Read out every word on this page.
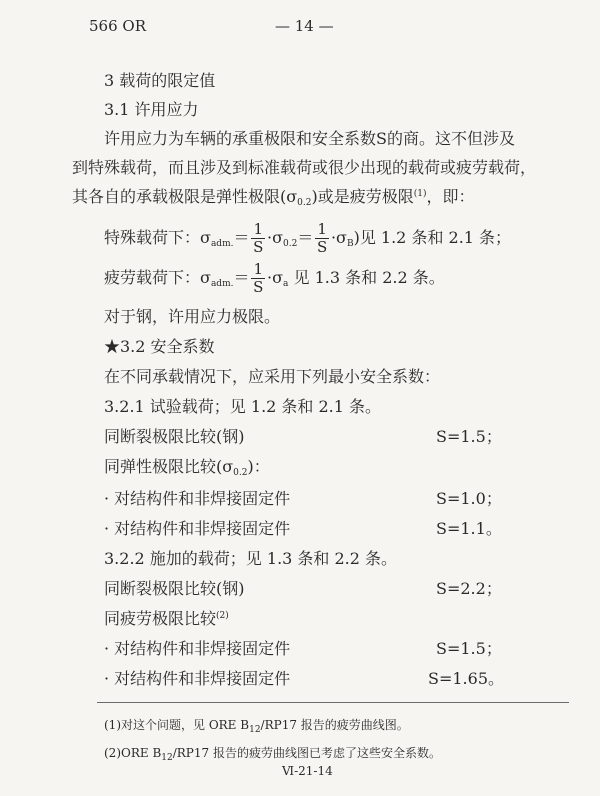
566 OR	— 14 —
3 载荷的限定值
3.1 许用应力
许用应力为车辆的承重极限和安全系数S的商。这不但涉及
到特殊载荷，而且涉及到标准载荷或很少出现的载荷或疲劳载荷，
其各自的承载极限是弹性极限$(\sigma_{0.2})$或是疲劳极限$^{(1)}$，即：
特殊载荷下：$\sigma_{adm.}= \frac{1}{S} \cdot\sigma_{0.2}= \frac{1}{S} \cdot\sigma_B$)见 1.2 条和 2.1 条；
疲劳载荷下：$\sigma_{adm.}= \frac{1}{S} \cdot\sigma_a$ 见 1.3 条和 2.2 条。
对于钢，许用应力极限。
★3.2 安全系数
在不同承载情况下，应采用下列最小安全系数：
3.2.1 试验载荷；见 1.2 条和 2.1 条。
同断裂极限比较(钢)	S=1.5；
同弹性极限比较$(\sigma_{0.2})$：
· 对结构件和非焊接固定件	S=1.0；
· 对结构件和非焊接固定件	S=1.1。
3.2.2 施加的载荷；见 1.3 条和 2.2 条。
同断裂极限比较(钢)	S=2.2；
同疲劳极限比较$^{(2)}$
· 对结构件和非焊接固定件	S=1.5；
· 对结构件和非焊接固定件	S=1.65。
(1)对这个问题，见 ORE $B_{12}/RP17$ 报告的疲劳曲线图。
(2)ORE $B_{12}/RP17$ 报告的疲劳曲线图已考虑了这些安全系数。
Ⅵ-21-14
